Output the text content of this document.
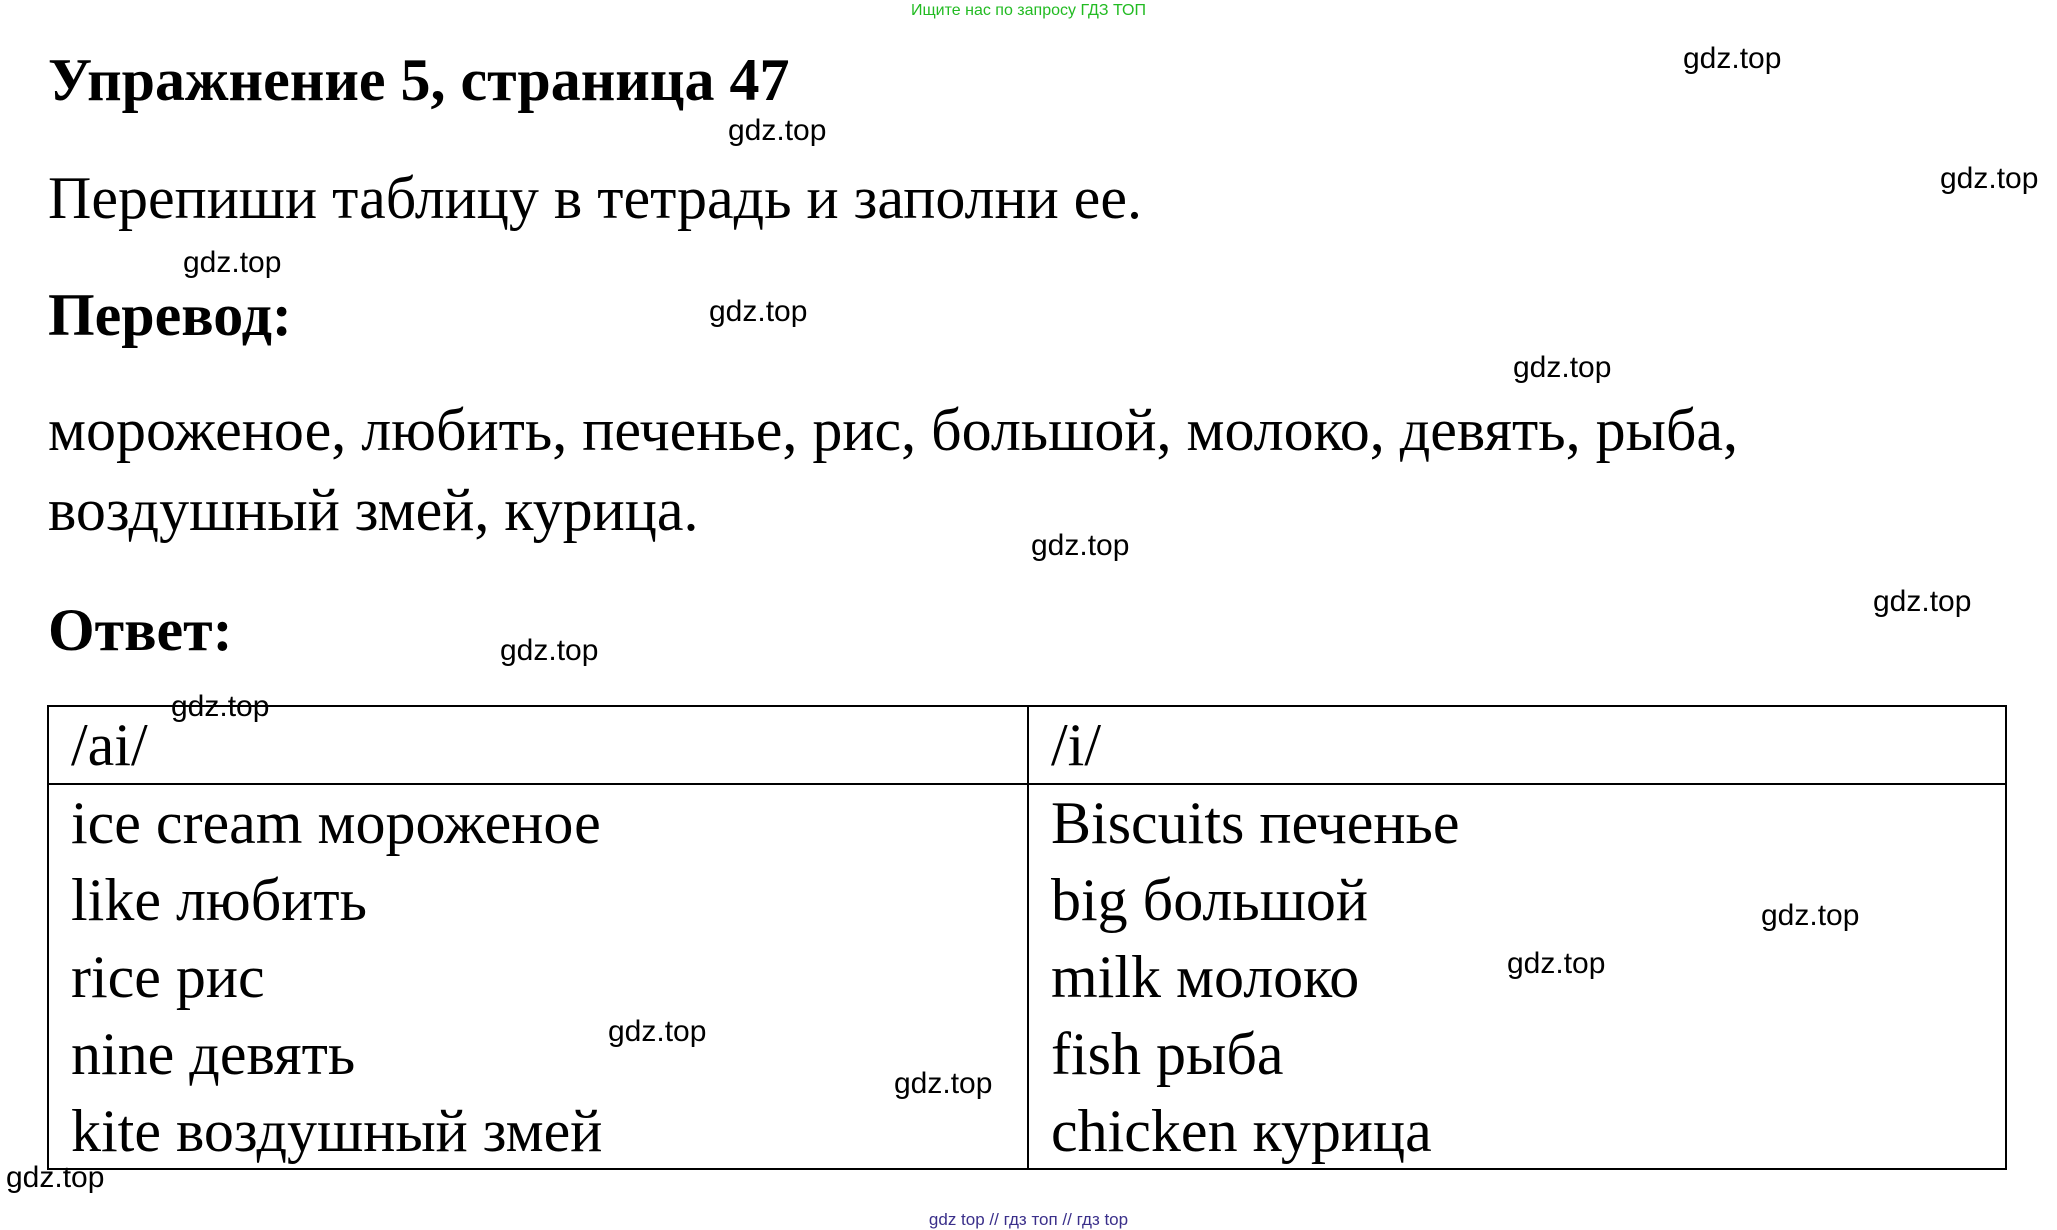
Ищите нас по запросу ГДЗ ТОП
Упражнение 5, страница 47
Перепиши таблицу в тетрадь и заполни ее.
Перевод:
мороженое, любить, печенье, рис, большой, молоко, девять, рыба, воздушный змей, курица.
Ответ:
/ai/	/i/
ice cream мороженое
like любить
rice рис
nine девять
kite воздушный змей
Biscuits печенье
big большой
milk молоко
fish рыба
chicken курица
gdz.top
gdz.top
gdz.top
gdz.top
gdz.top
gdz.top
gdz.top
gdz.top
gdz.top
gdz.top
gdz.top
gdz.top
gdz.top
gdz.top
gdz.top
gdz top // гдз топ // гдз top
